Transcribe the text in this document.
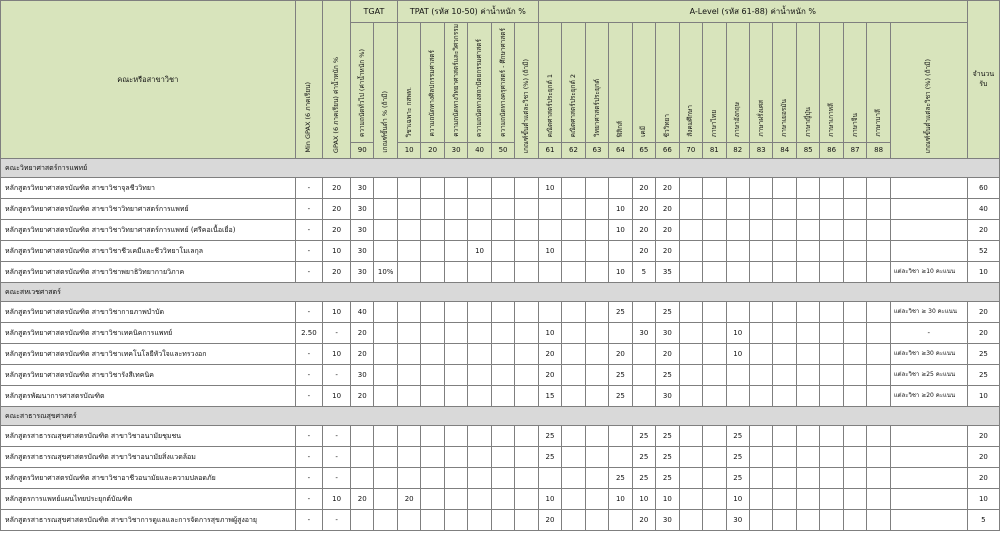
คณะหรือสาขาวิชา	Min GPAX (6 ภาคเรียน)	GPAX (6 ภาคเรียน) ค่าน้ำหนัก %	TGAT		TPAT (รหัส 10-50) ค่าน้ำหนัก %						A-Level (รหัส 61-88) ค่าน้ำหนัก %																จำนวนรับ
			ความถนัดทั่วไป (ค่าน้ำหนัก %)	เกณฑ์ขั้นต่ำ % (ถ้ามี)	วิชาเฉพาะ กสพท.	ความถนัดทางศิลปกรรมศาสตร์	ความถนัดทางวิทยาศาสตร์และวิศวกรรม	ความถนัดทางสถาปัตยกรรมศาสตร์	ความถนัดทางครุศาสตร์ - ศึกษาศาสตร์	เกณฑ์ขั้นต่ำแต่ละวิชา (%) (ถ้ามี)	คณิตศาสตร์ประยุกต์ 1	คณิตศาสตร์ประยุกต์ 2	วิทยาศาสตร์ประยุกต์	ฟิสิกส์	เคมี	ชีววิทยา	สังคมศึกษา	ภาษาไทย	ภาษาอังกฤษ	ภาษาฝรั่งเศส	ภาษาเยอรมัน	ภาษาญี่ปุ่น	ภาษาเกาหลี	ภาษาจีน	ภาษาบาลี	เกณฑ์ขั้นต่ำแต่ละวิชา (%) (ถ้ามี)	
			90		10	20	30	40	50		61	62	63	64	65	66	70	81	82	83	84	85	86	87	88		
คณะวิทยาศาสตร์การแพทย์																											
หลักสูตรวิทยาศาสตรบัณฑิต สาขาวิชาจุลชีววิทยา	-	20	30								10				20	20											60
หลักสูตรวิทยาศาสตรบัณฑิต สาขาวิชาวิทยาศาสตร์การแพทย์	-	20	30											10	20	20											40
หลักสูตรวิทยาศาสตรบัณฑิต สาขาวิชาวิทยาศาสตร์การแพทย์ (ศรีคอเนื้อเยื่อ)	-	20	30											10	20	20											20
หลักสูตรวิทยาศาสตรบัณฑิต สาขาวิชาชีวเคมีและชีววิทยาโมเลกุล	-	10	30					10			10				20	20											52
หลักสูตรวิทยาศาสตรบัณฑิต สาขาวิชาพยาธิวิทยากายวิภาค	-	20	30	10%										10	5	35										แต่ละวิชา ≥10 คะแนน	10
คณะสหเวชศาสตร์																											
หลักสูตรวิทยาศาสตรบัณฑิต สาขาวิชากายภาพบำบัด	-	10	40											25		25										แต่ละวิชา ≥ 30 คะแนน	20
หลักสูตรวิทยาศาสตรบัณฑิต สาขาวิชาเทคนิคการแพทย์	2.50	-	20								10				30	30			10							-	20
หลักสูตรวิทยาศาสตรบัณฑิต สาขาวิชาเทคโนโลยีหัวใจและทรวงอก	-	10	20								20			20		20			10							แต่ละวิชา ≥30 คะแนน	25
หลักสูตรวิทยาศาสตรบัณฑิต สาขาวิชารังสีเทคนิค	-	-	30								20			25		25										แต่ละวิชา ≥25 คะแนน	25
หลักสูตรพัฒนาการศาสตรบัณฑิต	-	10	20								15			25		30										แต่ละวิชา ≥20 คะแนน	10
คณะสาธารณสุขศาสตร์																											
หลักสูตรสาธารณสุขศาสตรบัณฑิต สาขาวิชาอนามัยชุมชน	-	-									25				25	25			25								20
หลักสูตรสาธารณสุขศาสตรบัณฑิต สาขาวิชาอนามัยสิ่งแวดล้อม	-	-									25				25	25			25								20
หลักสูตรวิทยาศาสตรบัณฑิต สาขาวิชาอาชีวอนามัยและความปลอดภัย	-	-												25	25	25			25								20
หลักสูตรการแพทย์แผนไทยประยุกต์บัณฑิต	-	10	20		20						10			10	10	10			10								10
หลักสูตรสาธารณสุขศาสตรบัณฑิต สาขาวิชาการดูแลและการจัดการสุขภาพผู้สูงอายุ	-	-									20				20	30			30								5
